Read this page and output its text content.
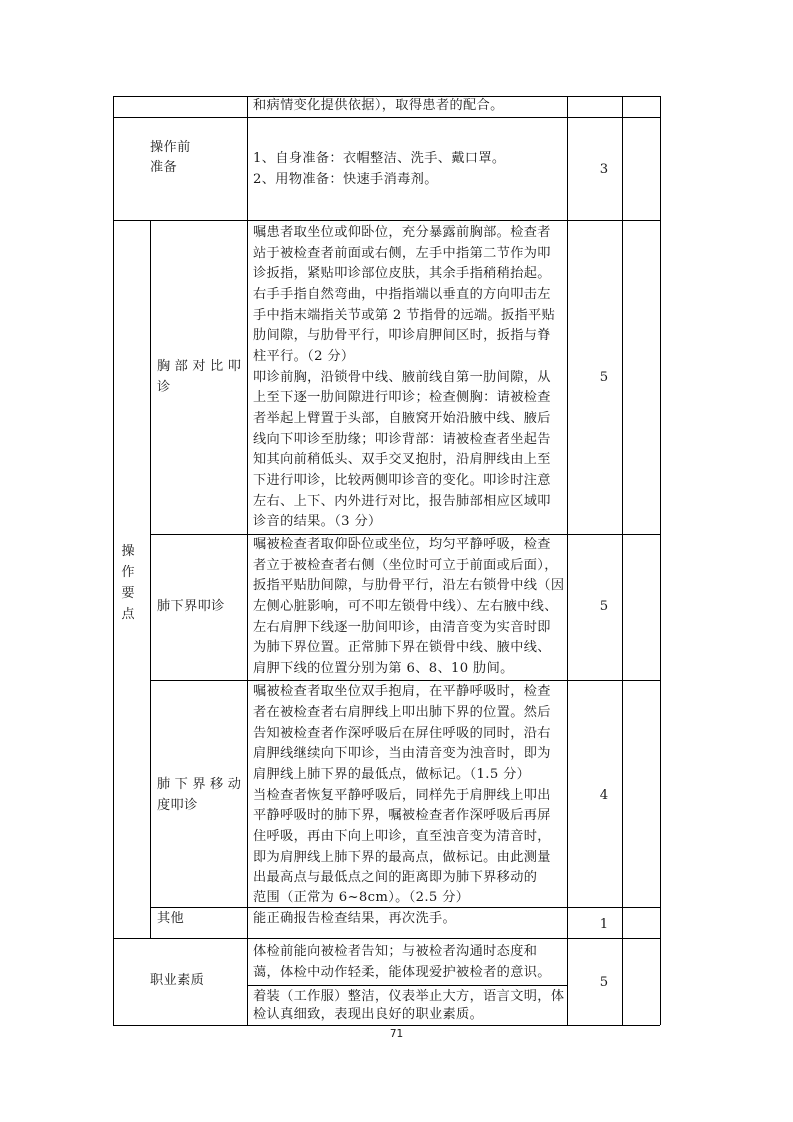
和病情变化提供依据），取得患者的配合。
操作前
准备
1、自身准备：衣帽整洁、洗手、戴口罩。
2、用物准备：快速手消毒剂。
3
操
作
要
点
胸部对比叩
诊
嘱患者取坐位或仰卧位，充分暴露前胸部。检查者
站于被检查者前面或右侧，左手中指第二节作为叩
诊扳指，紧贴叩诊部位皮肤，其余手指稍稍抬起。
右手手指自然弯曲，中指指端以垂直的方向叩击左
手中指末端指关节或第 2 节指骨的远端。扳指平贴
肋间隙，与肋骨平行，叩诊肩胛间区时，扳指与脊
柱平行。（2 分）
叩诊前胸，沿锁骨中线、腋前线自第一肋间隙，从
上至下逐一肋间隙进行叩诊；检查侧胸：请被检查
者举起上臂置于头部，自腋窝开始沿腋中线、腋后
线向下叩诊至肋缘；叩诊背部：请被检查者坐起告
知其向前稍低头、双手交叉抱肘，沿肩胛线由上至
下进行叩诊，比较两侧叩诊音的变化。叩诊时注意
左右、上下、内外进行对比，报告肺部相应区域叩
诊音的结果。（3 分）
5
肺下界叩诊
嘱被检查者取仰卧位或坐位，均匀平静呼吸，检查
者立于被检查者右侧（坐位时可立于前面或后面），
扳指平贴肋间隙，与肋骨平行，沿左右锁骨中线（因
左侧心脏影响，可不叩左锁骨中线）、左右腋中线、
左右肩胛下线逐一肋间叩诊，由清音变为实音时即
为肺下界位置。正常肺下界在锁骨中线、腋中线、
肩胛下线的位置分别为第 6、8、10 肋间。
5
肺下界移动
度叩诊
嘱被检查者取坐位双手抱肩，在平静呼吸时，检查
者在被检查者右肩胛线上叩出肺下界的位置。然后
告知被检查者作深呼吸后在屏住呼吸的同时，沿右
肩胛线继续向下叩诊，当由清音变为浊音时，即为
肩胛线上肺下界的最低点，做标记。（1.5 分）
当检查者恢复平静呼吸后，同样先于肩胛线上叩出
平静呼吸时的肺下界，嘱被检查者作深呼吸后再屏
住呼吸，再由下向上叩诊，直至浊音变为清音时，
即为肩胛线上肺下界的最高点，做标记。由此测量
出最高点与最低点之间的距离即为肺下界移动的
范围（正常为 6~8cm）。（2.5 分）
4
其他	能正确报告检查结果，再次洗手。	1
职业素质
体检前能向被检者告知；与被检者沟通时态度和
蔼，体检中动作轻柔，能体现爱护被检者的意识。
着装（工作服）整洁，仪表举止大方，语言文明，体
检认真细致，表现出良好的职业素质。
5
71
